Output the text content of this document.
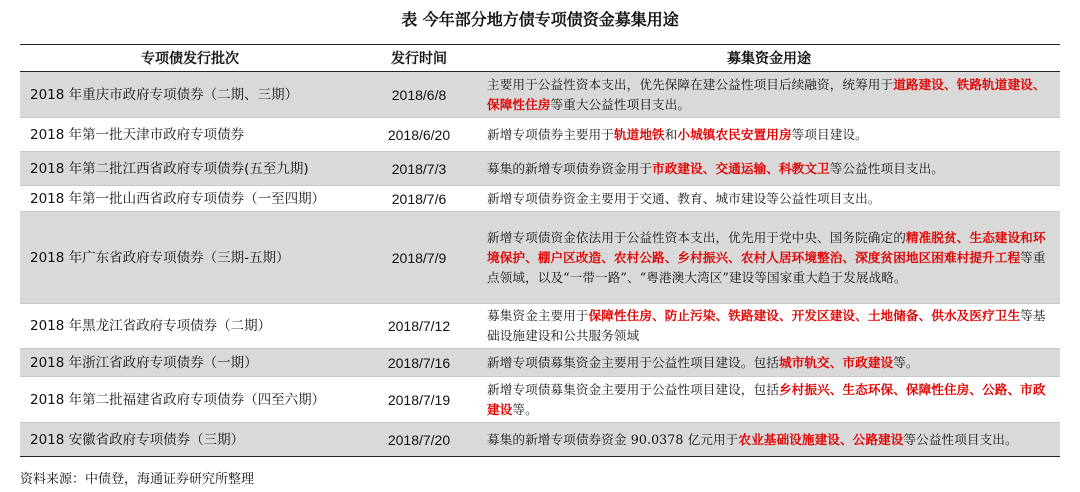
表 今年部分地方债专项债资金募集用途
专项债发行批次	发行时间	募集资金用途
2018 年重庆市政府专项债券（二期、三期）	2018/6/8	主要用于公益性资本支出，优先保障在建公益性项目后续融资，统筹用于道路建设、铁路轨道建设、保障性住房等重大公益性项目支出。
2018 年第一批天津市政府专项债券	2018/6/20	新增专项债券主要用于轨道地铁和小城镇农民安置用房等项目建设。
2018 年第二批江西省政府专项债券(五至九期)	2018/7/3	募集的新增专项债券资金用于市政建设、交通运输、科教文卫等公益性项目支出。
2018 年第一批山西省政府专项债券（一至四期）	2018/7/6	新增专项债券资金主要用于交通、教育、城市建设等公益性项目支出。
2018 年广东省政府专项债券（三期-五期）	2018/7/9	新增专项债资金依法用于公益性资本支出，优先用于党中央、国务院确定的精准脱贫、生态建设和环境保护、棚户区改造、农村公路、乡村振兴、农村人居环境整治、深度贫困地区困难村提升工程等重点领域，以及“一带一路”、“粤港澳大湾区”建设等国家重大趋于发展战略。
2018 年黑龙江省政府专项债券（二期）	2018/7/12	募集资金主要用于保障性住房、防止污染、铁路建设、开发区建设、土地储备、供水及医疗卫生等基础设施建设和公共服务领域
2018 年浙江省政府专项债券（一期）	2018/7/16	新增专项债募集资金主要用于公益性项目建设。包括城市轨交、市政建设等。
2018 年第二批福建省政府专项债券（四至六期）	2018/7/19	新增专项债募集资金主要用于公益性项目建设，包括乡村振兴、生态环保、保障性住房、公路、市政建设等。
2018 安徽省政府专项债券（三期）	2018/7/20	募集的新增专项债券资金 90.0378 亿元用于农业基础设施建设、公路建设等公益性项目支出。
资料来源：中债登，海通证券研究所整理
